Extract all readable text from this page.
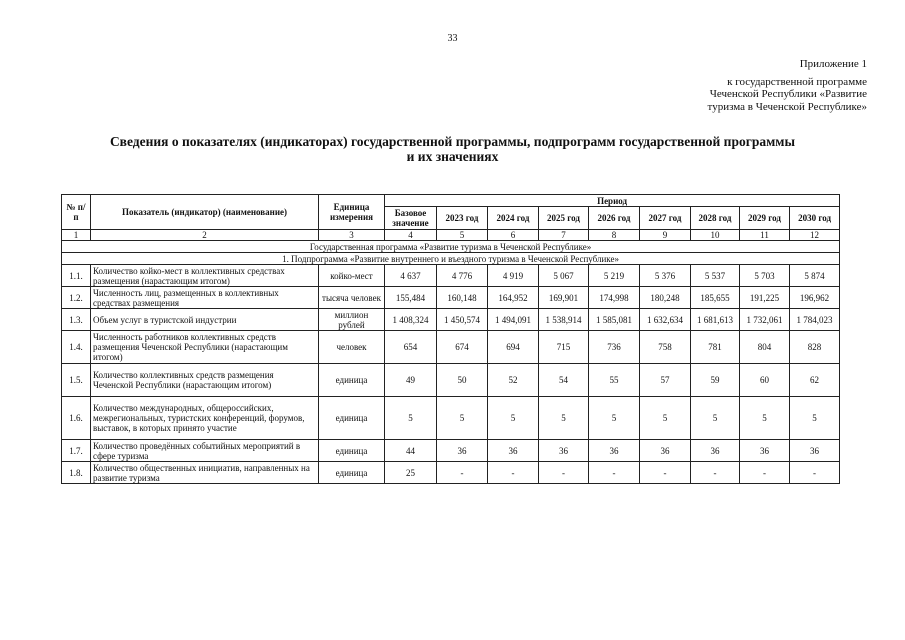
33
Приложение 1
к государственной программе
Чеченской Республики «Развитие
туризма в Чеченской Республике»
Сведения о показателях (индикаторах) государственной программы, подпрограмм государственной программы
и их значениях
№ п/п	Показатель (индикатор) (наименование)	Единица измерения	Период								
			Базовое значение	2023 год	2024 год	2025 год	2026 год	2027 год	2028 год	2029 год	2030 год
1	2	3	4	5	6	7	8	9	10	11	12
Государственная программа «Развитие туризма в Чеченской Республике»											
1. Подпрограмма «Развитие внутреннего и въездного туризма в Чеченской Республике»											
1.1.	Количество койко-мест в коллективных средствах размещения (нарастающим итогом)	койко-мест	4 637	4 776	4 919	5 067	5 219	5 376	5 537	5 703	5 874
1.2.	Численность лиц, размещенных в коллективных средствах размещения	тысяча человек	155,484	160,148	164,952	169,901	174,998	180,248	185,655	191,225	196,962
1.3.	Объем услуг в туристской индустрии	миллион рублей	1 408,324	1 450,574	1 494,091	1 538,914	1 585,081	1 632,634	1 681,613	1 732,061	1 784,023
1.4.	Численность работников коллективных средств размещения Чеченской Республики (нарастающим итогом)	человек	654	674	694	715	736	758	781	804	828
1.5.	Количество коллективных средств размещения Чеченской Республики (нарастающим итогом)	единица	49	50	52	54	55	57	59	60	62
1.6.	Количество международных, общероссийских, межрегиональных, туристских конференций, форумов, выставок, в которых принято участие	единица	5	5	5	5	5	5	5	5	5
1.7.	Количество проведённых событийных мероприятий в сфере туризма	единица	44	36	36	36	36	36	36	36	36
1.8.	Количество общественных инициатив, направленных на развитие туризма	единица	25	-	-	-	-	-	-	-	-
